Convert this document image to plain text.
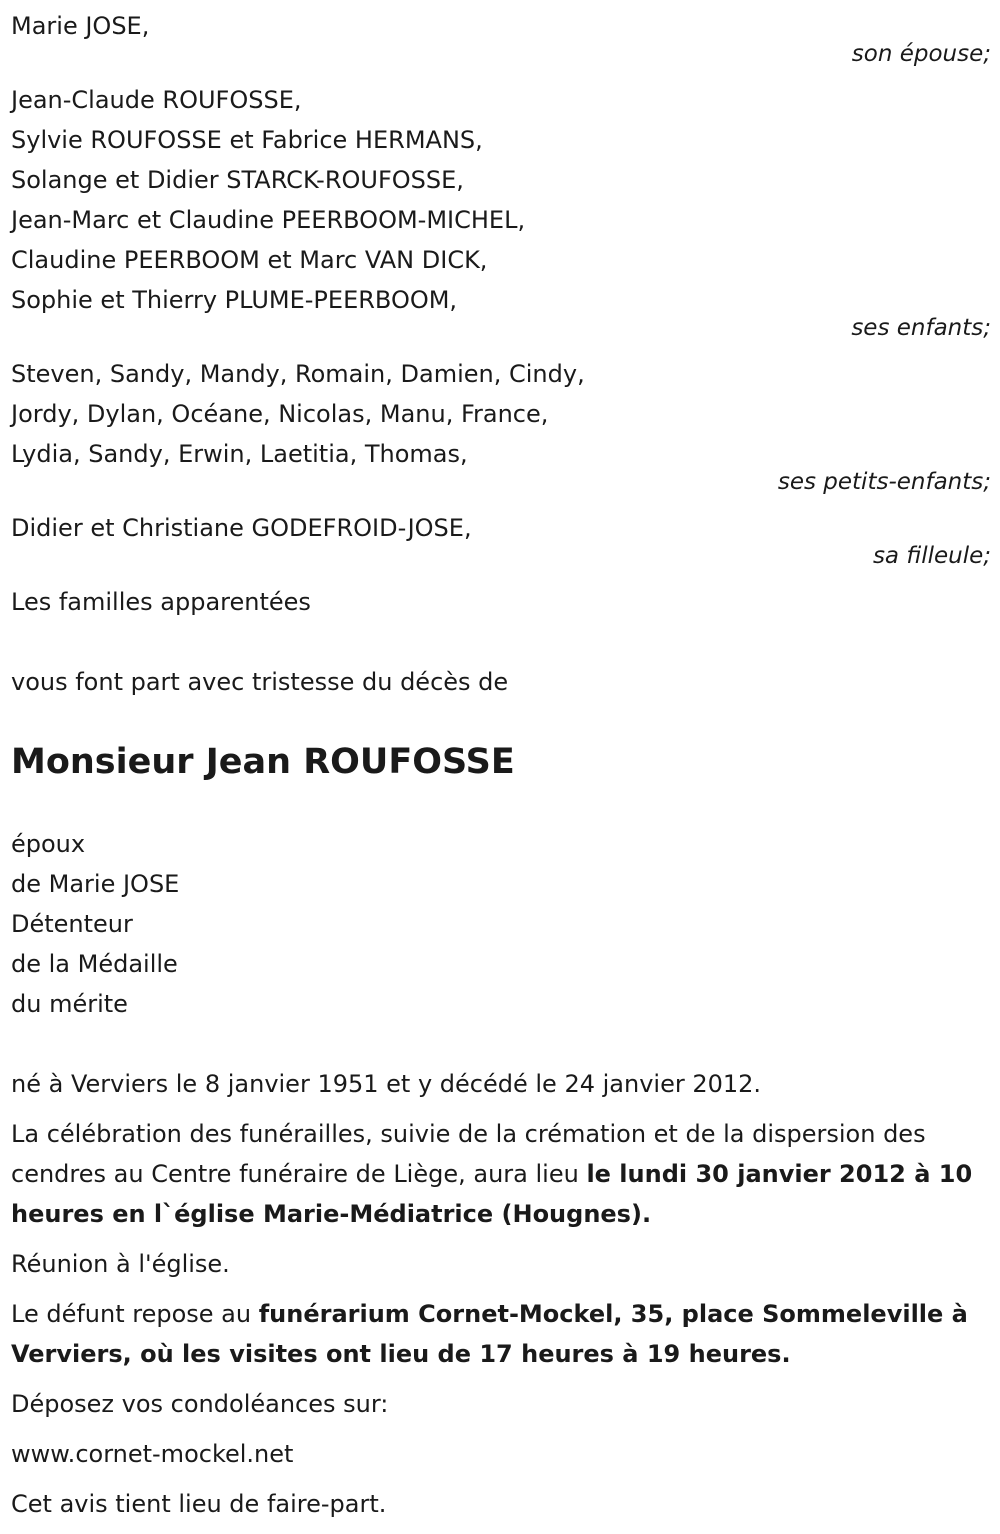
Marie JOSE,
son épouse;
Jean-Claude ROUFOSSE,
Sylvie ROUFOSSE et Fabrice HERMANS,
Solange et Didier STARCK-ROUFOSSE,
Jean-Marc et Claudine PEERBOOM-MICHEL,
Claudine PEERBOOM et Marc VAN DICK,
Sophie et Thierry PLUME-PEERBOOM,
ses enfants;
Steven, Sandy, Mandy, Romain, Damien, Cindy,
Jordy, Dylan, Océane, Nicolas, Manu, France,
Lydia, Sandy, Erwin, Laetitia, Thomas,
ses petits-enfants;
Didier et Christiane GODEFROID-JOSE,
sa filleule;
Les familles apparentées
vous font part avec tristesse du décès de
Monsieur Jean ROUFOSSE
époux
de Marie JOSE
Détenteur
de la Médaille
du mérite
né à Verviers le 8 janvier 1951 et y décédé le 24 janvier 2012.
La célébration des funérailles, suivie de la crémation et de la dispersion des cendres au Centre funéraire de Liège, aura lieu le lundi 30 janvier 2012 à 10 heures en l`église Marie-Médiatrice (Hougnes).
Réunion à l'église.
Le défunt repose au funérarium Cornet-Mockel, 35, place Sommeleville à Verviers, où les visites ont lieu de 17 heures à 19 heures.
Déposez vos condoléances sur:
www.cornet-mockel.net
Cet avis tient lieu de faire-part.
